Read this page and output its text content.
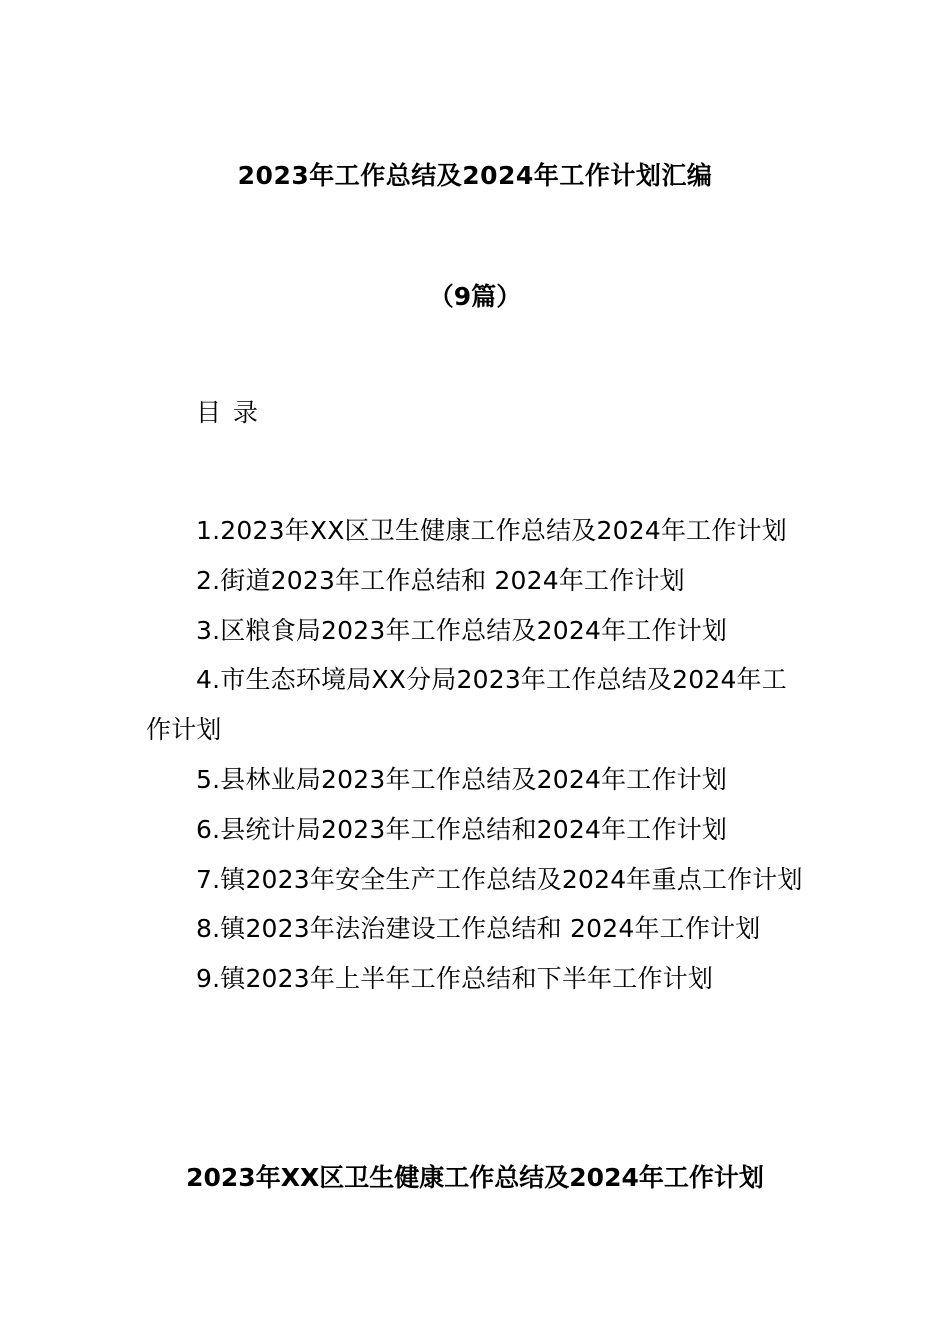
2023年工作总结及2024年工作计划汇编

（9篇）

目 录

1.2023年XX区卫生健康工作总结及2024年工作计划
2.街道2023年工作总结和 2024年工作计划
3.区粮食局2023年工作总结及2024年工作计划
4.市生态环境局XX分局2023年工作总结及2024年工作计划
5.县林业局2023年工作总结及2024年工作计划
6.县统计局2023年工作总结和2024年工作计划
7.镇2023年安全生产工作总结及2024年重点工作计划
8.镇2023年法治建设工作总结和 2024年工作计划
9.镇2023年上半年工作总结和下半年工作计划
2023年XX区卫生健康工作总结及2024年工作计划
